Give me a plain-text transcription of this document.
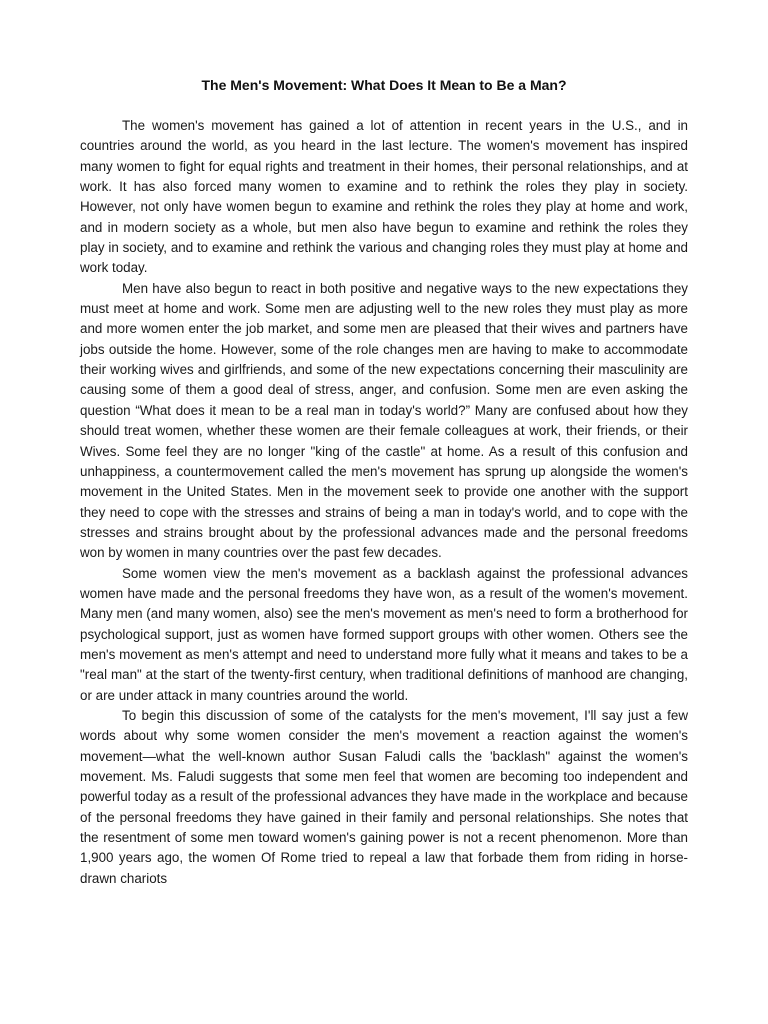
The Men's Movement: What Does It Mean to Be a Man?

The women's movement has gained a lot of attention in recent years in the U.S., and in countries around the world, as you heard in the last lecture. The women's movement has inspired many women to fight for equal rights and treatment in their homes, their personal relationships, and at work. It has also forced many women to examine and to rethink the roles they play in society. However, not only have women begun to examine and rethink the roles they play at home and work, and in modern society as a whole, but men also have begun to examine and rethink the roles they play in society, and to examine and rethink the various and changing roles they must play at home and work today.

Men have also begun to react in both positive and negative ways to the new expectations they must meet at home and work. Some men are adjusting well to the new roles they must play as more and more women enter the job market, and some men are pleased that their wives and partners have jobs outside the home. However, some of the role changes men are having to make to accommodate their working wives and girlfriends, and some of the new expectations concerning their masculinity are causing some of them a good deal of stress, anger, and confusion. Some men are even asking the question “What does it mean to be a real man in today's world?” Many are confused about how they should treat women, whether these women are their female colleagues at work, their friends, or their Wives. Some feel they are no longer "king of the castle" at home. As a result of this confusion and unhappiness, a countermovement called the men's movement has sprung up alongside the women's movement in the United States. Men in the movement seek to provide one another with the support they need to cope with the stresses and strains of being a man in today's world, and to cope with the stresses and strains brought about by the professional advances made and the personal freedoms won by women in many countries over the past few decades.

Some women view the men's movement as a backlash against the professional advances women have made and the personal freedoms they have won, as a result of the women's movement. Many men (and many women, also) see the men's movement as men's need to form a brotherhood for psychological support, just as women have formed support groups with other women. Others see the men's movement as men's attempt and need to understand more fully what it means and takes to be a "real man" at the start of the twenty-first century, when traditional definitions of manhood are changing, or are under attack in many countries around the world.

To begin this discussion of some of the catalysts for the men's movement, I'll say just a few words about why some women consider the men's movement a reaction against the women's movement—what the well-known author Susan Faludi calls the 'backlash" against the women's movement. Ms. Faludi suggests that some men feel that women are becoming too independent and powerful today as a result of the professional advances they have made in the workplace and because of the personal freedoms they have gained in their family and personal relationships. She notes that the resentment of some men toward women's gaining power is not a recent phenomenon. More than 1,900 years ago, the women Of Rome tried to repeal a law that forbade them from riding in horse-drawn chariots
